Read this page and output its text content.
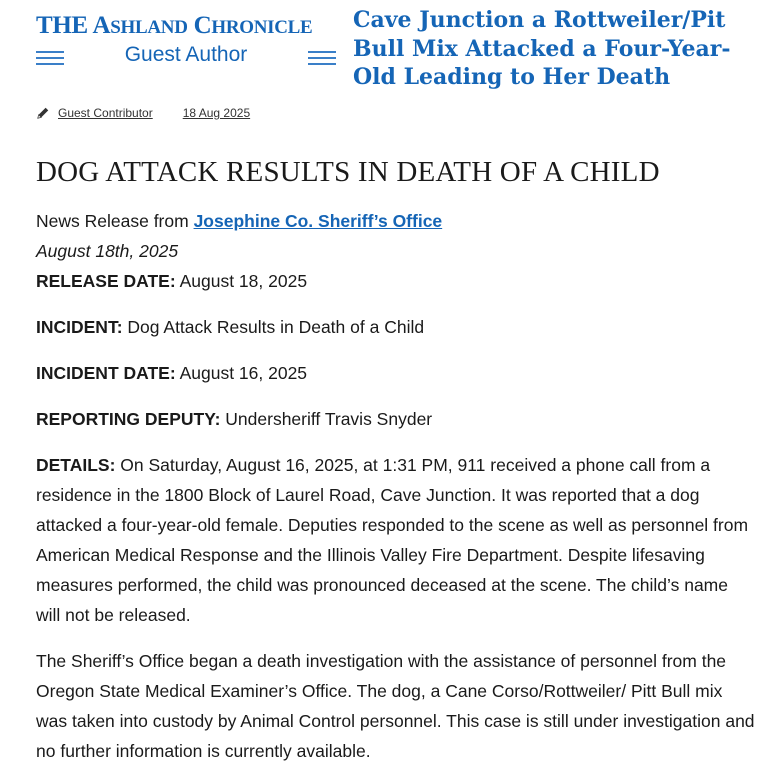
THE ASHLAND CHRONICLE
Guest Author
Cave Junction a Rottweiler/Pit Bull Mix Attacked a Four-Year-Old Leading to Her Death
Guest Contributor	18 Aug 2025
DOG ATTACK RESULTS IN DEATH OF A CHILD

News Release from Josephine Co. Sheriff’s Office

August 18th, 2025

RELEASE DATE: August 18, 2025

INCIDENT: Dog Attack Results in Death of a Child

INCIDENT DATE: August 16, 2025

REPORTING DEPUTY: Undersheriff Travis Snyder

DETAILS: On Saturday, August 16, 2025, at 1:31 PM, 911 received a phone call from a residence in the 1800 Block of Laurel Road, Cave Junction. It was reported that a dog attacked a four-year-old female. Deputies responded to the scene as well as personnel from American Medical Response and the Illinois Valley Fire Department. Despite lifesaving measures performed, the child was pronounced deceased at the scene. The child’s name will not be released.

The Sheriff’s Office began a death investigation with the assistance of personnel from the Oregon State Medical Examiner’s Office. The dog, a Cane Corso/Rottweiler/ Pitt Bull mix was taken into custody by Animal Control personnel. This case is still under investigation and no further information is currently available.
